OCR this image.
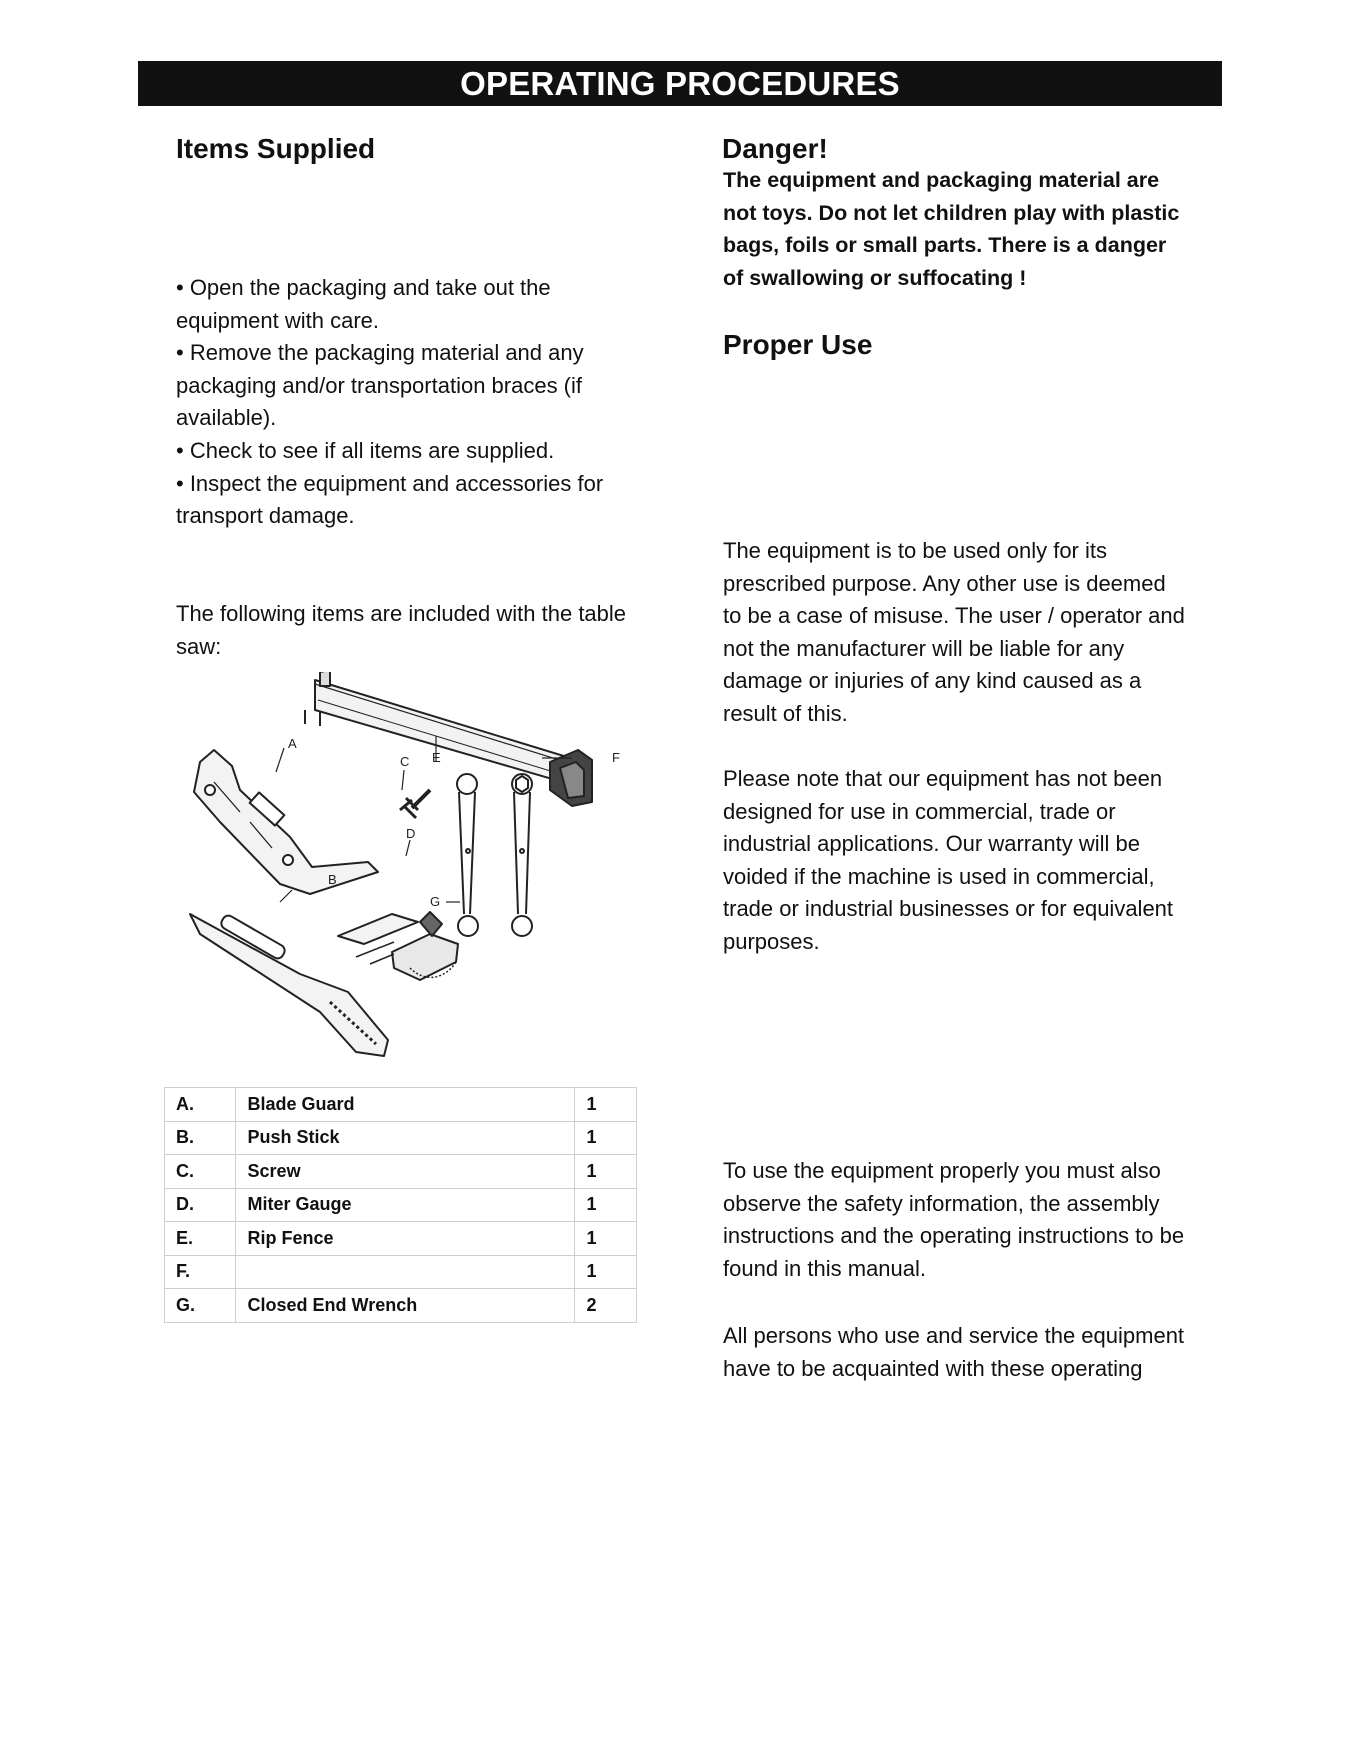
OPERATING PROCEDURES
Items Supplied
• Open the packaging and take out the
equipment with care.
• Remove the packaging material and any
packaging and/or transportation braces (if
available).
• Check to see if all items are supplied.
• Inspect the equipment and accessories for
transport damage.
The following items are included with the table
saw:
A
B
C
D
E	F
G
A.	Blade Guard	1
B.	Push Stick	1
C.	Screw	1
D.	Miter Gauge	1
E.	Rip Fence	1
F.		1
G.	Closed End Wrench	2
Danger!
The equipment and packaging material are
not toys. Do not let children play with plastic
bags, foils or small parts. There is a danger
of swallowing or suffocating !
Proper Use
The equipment is to be used only for its
prescribed purpose. Any other use is deemed
to be a case of misuse. The user / operator and
not the manufacturer will be liable for any
damage or injuries of any kind caused as a
result of this.
Please note that our equipment has not been
designed for use in commercial, trade or
industrial applications. Our warranty will be
voided if the machine is used in commercial,
trade or industrial businesses or for equivalent
purposes.
To use the equipment properly you must also
observe the safety information, the assembly
instructions and the operating instructions to be
found in this manual.
All persons who use and service the equipment
have to be acquainted with these operating
